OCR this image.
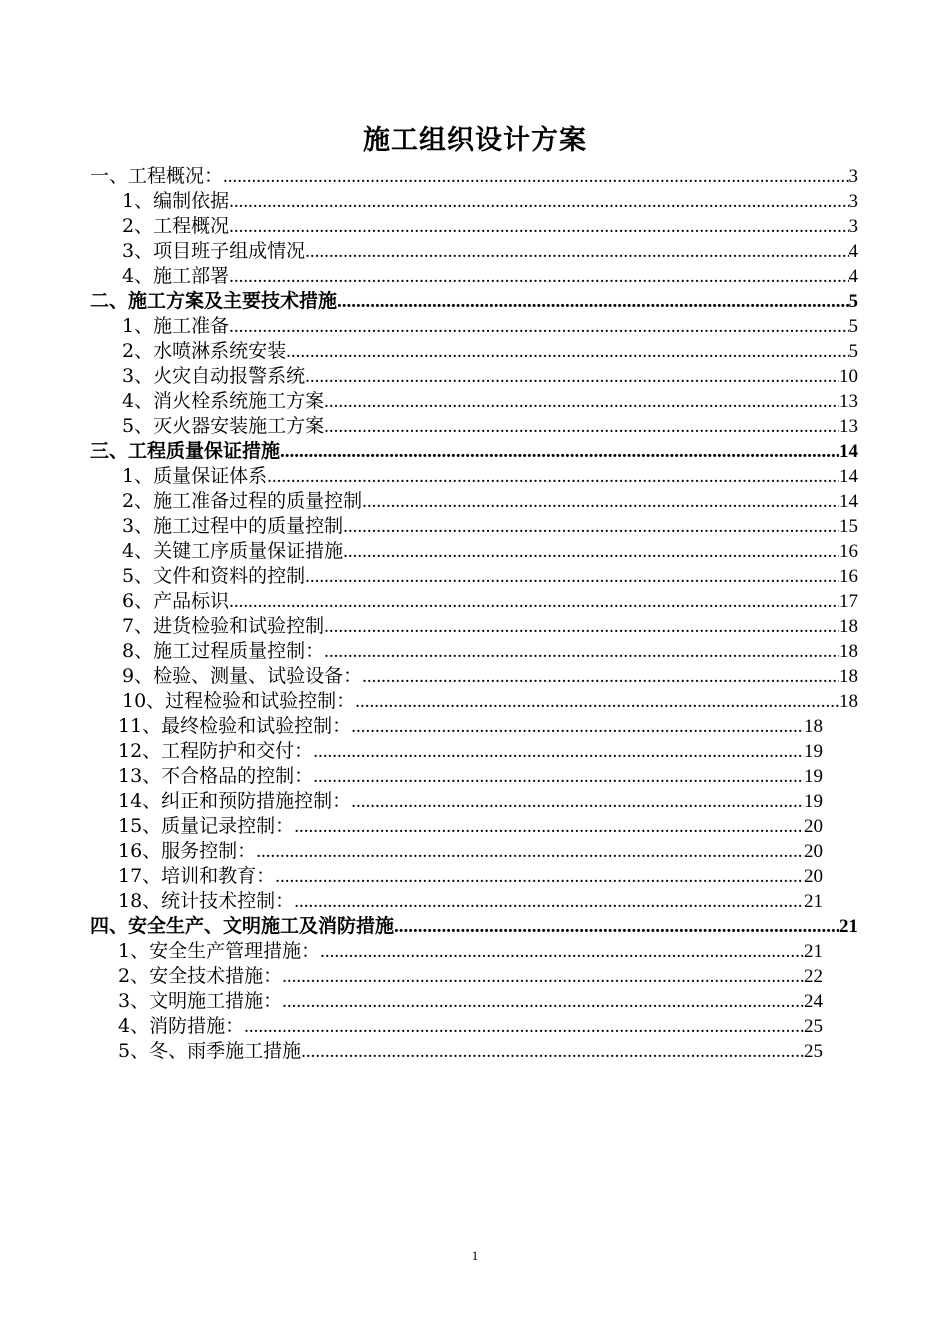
施工组织设计方案
一、工程概况： .....	3
1、编制依据 .....	3
2、工程概况 .....	3
3、项目班子组成情况 .....	4
4、施工部署 .....	4
二、施工方案及主要技术措施 .....	5
1、施工准备 .....	5
2、水喷淋系统安装 .....	5
3、火灾自动报警系统 .....	10
4、消火栓系统施工方案 .....	13
5、灭火器安装施工方案 .....	13
三、工程质量保证措施 .....	14
1、质量保证体系 .....	14
2、施工准备过程的质量控制 .....	14
3、施工过程中的质量控制 .....	15
4、关键工序质量保证措施 .....	16
5、文件和资料的控制 .....	16
6、产品标识 .....	17
7、进货检验和试验控制 .....	18
8、施工过程质量控制： .....	18
9、检验、测量、试验设备： .....	18
10、过程检验和试验控制： .....	18
11、最终检验和试验控制： .....	18
12、工程防护和交付： .....	19
13、不合格品的控制： .....	19
14、纠正和预防措施控制： .....	19
15、质量记录控制： .....	20
16、服务控制： .....	20
17、培训和教育： .....	20
18、统计技术控制： .....	21
四、安全生产、文明施工及消防措施 .....	21
1、安全生产管理措施： .....	21
2、安全技术措施： .....	22
3、文明施工措施： .....	24
4、消防措施： .....	25
5、冬、雨季施工措施 .....	25
1
